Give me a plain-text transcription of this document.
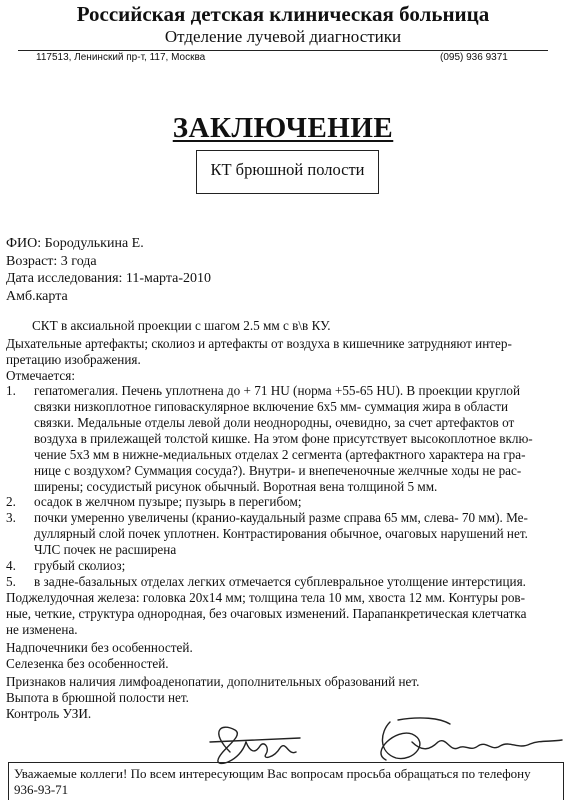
Российская детская клиническая больница
Отделение лучевой диагностики
117513, Ленинский пр-т, 117, Москва	(095) 936 9371
ЗАКЛЮЧЕНИЕ
КТ брюшной полости
ФИО: Бородулькина Е.
Возраст: 3 года
Дата исследования: 11-марта-2010
Амб.карта
СКТ в аксиальной проекции с шагом 2.5 мм с в\в КУ.
Дыхательные артефакты; сколиоз и артефакты от воздуха в кишечнике затрудняют интер-
претацию изображения.
Отмечается:
1. гепатомегалия. Печень уплотнена до + 71 HU (норма +55-65 HU). В проекции круглой
связки низкоплотное гиповаскулярное включение 6х5 мм- суммация жира в области
связки. Медальные отделы левой доли неоднородны, очевидно, за счет артефактов от
воздуха в прилежащей толстой кишке. На этом фоне присутствует высокоплотное вклю-
чение 5х3 мм в нижне-медиальных отделах 2 сегмента (артефактного характера на гра-
нице с воздухом? Суммация сосуда?). Внутри- и внепеченочные желчные ходы не рас-
ширены; сосудистый рисунок обычный. Воротная вена толщиной 5 мм.
2. осадок в желчном пузыре; пузырь в перегибом;
3. почки умеренно увеличены (кранио-каудальный разме справа 65 мм, слева- 70 мм). Ме-
дуллярный слой почек уплотнен. Контрастирования обычное, очаговых нарушений нет.
ЧЛС почек не расширена
4. грубый сколиоз;
5. в задне-базальных отделах легких отмечается субплевральное утолщение интерстиция.
Поджелудочная железа: головка 20х14 мм; толщина тела 10 мм, хвоста 12 мм. Контуры ров-
ные, четкие, структура однородная, без очаговых изменений. Парапанкретическая клетчатка
не изменена.
Надпочечники без особенностей.
Селезенка без особенностей.
Признаков наличия лимфоаденопатии, дополнительных образований нет.
Выпота в брюшной полости нет.
Контроль УЗИ.
Уважаемые коллеги! По всем интересующим Вас вопросам просьба обращаться по телефону
936-93-71
